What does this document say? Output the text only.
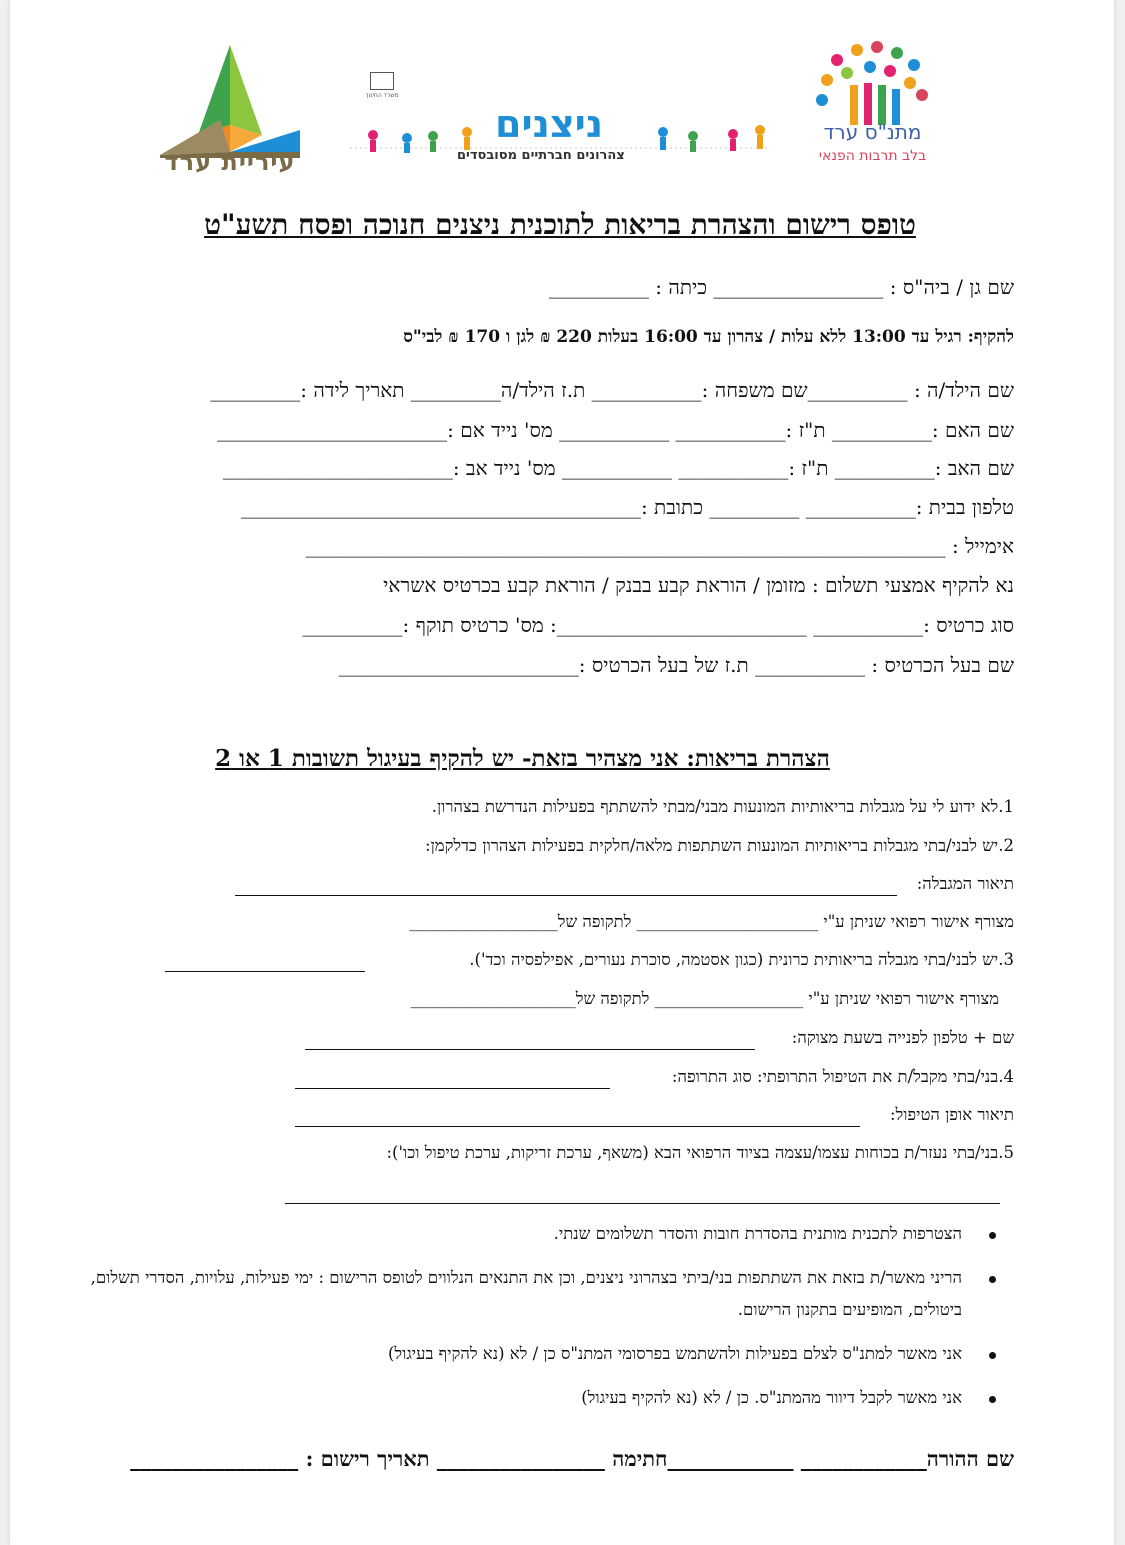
עיריית ערד
משרד החינוך
ניצנים
צהרונים חברתיים מסובסדים
מתנ"ס ערד
בלב תרבות הפנאי
טופס רישום והצהרת בריאות לתוכנית ניצנים חנוכה ופסח תשע"ט
שם גן / ביה"ס : _________________ כיתה : __________
להקיף: רגיל עד 13:00 ללא עלות / צהרון עד 16:00 בעלות 220 ₪ לגן ו 170 ₪ לבי"ס
שם הילד/ה : __________שם משפחה :___________ ת.ז הילד/ה_________ תאריך לידה :_________
שם האם :__________ ת"ז :___________ ___________ מס' נייד אם :_______________________
שם האב :__________ ת"ז :___________ ___________ מס' נייד אב :_______________________
טלפון בבית :___________ _________ כתובת :________________________________________
אימייל : ________________________________________________________________
נא להקיף אמצעי תשלום : מזומן / הוראת קבע בבנק / הוראת קבע בכרטיס אשראי
סוג כרטיס :___________ _________________________: מס' כרטיס תוקף :__________
שם בעל הכרטיס : ___________ ת.ז של בעל הכרטיס :________________________
הצהרת בריאות: אני מצהיר בזאת- יש להקיף בעיגול תשובות 1 או 2
1.לא ידוע לי על מגבלות בריאותיות המונעות מבני/מבתי להשתתף בפעילות הנדרשת בצהרון.
2.יש לבני/בתי מגבלות בריאותיות המונעות השתתפות מלאה/חלקית בפעילות הצהרון כדלקמן:
תיאור המגבלה:
מצורף אישור רפואי שניתן ע"י ______________________ לתקופה של__________________
3.יש לבני/בתי מגבלה בריאותית כרונית (כגון אסטמה, סוכרת נעורים, אפילפסיה וכד').
מצורף אישור רפואי שניתן ע"י __________________ לתקופה של____________________
שם + טלפון לפנייה בשעת מצוקה:
4.בני/בתי מקבל/ת את הטיפול התרופתי: סוג התרופה:
תיאור אופן הטיפול:
5.בני/בתי נעזר/ת בכוחות עצמו/עצמה בציוד הרפואי הבא (משאף, ערכת זריקות, ערכת טיפול וכו'):
הצטרפות לתכנית מותנית בהסדרת חובות והסדר תשלומים שנתי.
הריני מאשר/ת בזאת את השתתפות בני/ביתי בצהרוני ניצנים, וכן את התנאים הנלווים לטופס הרישום : ימי פעילות, עלויות, הסדרי תשלום, ביטולים, המופיעים בתקנון הרישום.
אני מאשר למתנ"ס לצלם בפעילות ולהשתמש בפרסומי המתנ"ס כן / לא (נא להקיף בעיגול)
אני מאשר לקבל דיוור מהמתנ"ס. כן / לא (נא להקיף בעיגול)
שם ההורה____________ ____________חתימה ________________ תאריך רישום : ________________
